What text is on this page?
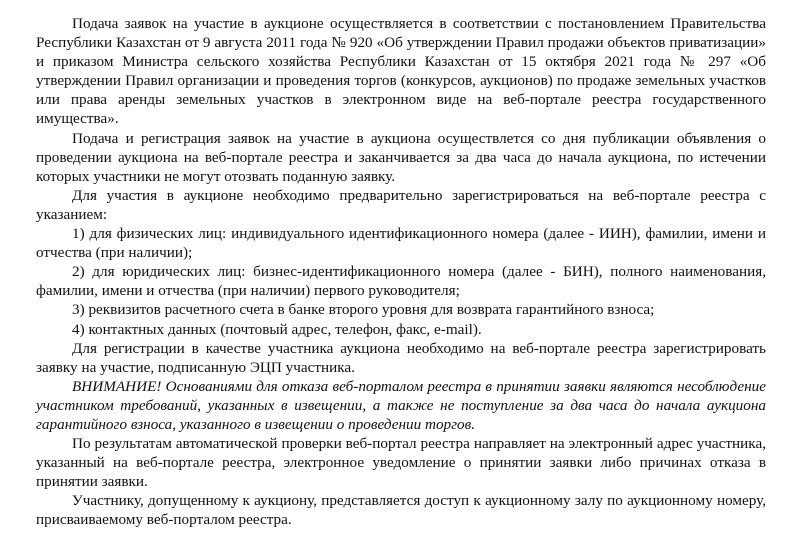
Подача заявок на участие в аукционе осуществляется в соответствии с постановлением Правительства Республики Казахстан от 9 августа 2011 года № 920 «Об утверждении Правил продажи объектов приватизации» и приказом Министра сельского хозяйства Республики Казахстан от 15 октября 2021 года № 297 «Об утверждении Правил организации и проведения торгов (конкурсов, аукционов) по продаже земельных участков или права аренды земельных участков в электронном виде на веб-портале реестра государственного имущества».

Подача и регистрация заявок на участие в аукциона осуществлется со дня публикации объявления о проведении аукциона на веб-портале реестра и заканчивается за два часа до начала аукциона, по истечении которых участники не могут отозвать поданную заявку.

Для участия в аукционе необходимо предварительно зарегистрироваться на веб-портале реестра с указанием:

1) для физических лиц: индивидуального идентификационного номера (далее - ИИН), фамилии, имени и отчества (при наличии);

2) для юридических лиц: бизнес-идентификационного номера (далее - БИН), полного наименования, фамилии, имени и отчества (при наличии) первого руководителя;

3) реквизитов расчетного счета в банке второго уровня для возврата гарантийного взноса;

4) контактных данных (почтовый адрес, телефон, факс, e-mail).

Для регистрации в качестве участника аукциона необходимо на веб-портале реестра зарегистрировать заявку на участие, подписанную ЭЦП участника.

ВНИМАНИЕ! Основаниями для отказа веб-порталом реестра в принятии заявки являются несоблюдение участником требований, указанных в извещении, а также не поступление за два часа до начала аукциона гарантийного взноса, указанного в извещении о проведении торгов.

По результатам автоматической проверки веб-портал реестра направляет на электронный адрес участника, указанный на веб-портале реестра, электронное уведомление о принятии заявки либо причинах отказа в принятии заявки.

Участнику, допущенному к аукциону, представляется доступ к аукционному залу по аукционному номеру, присваиваемому веб-порталом реестра.
